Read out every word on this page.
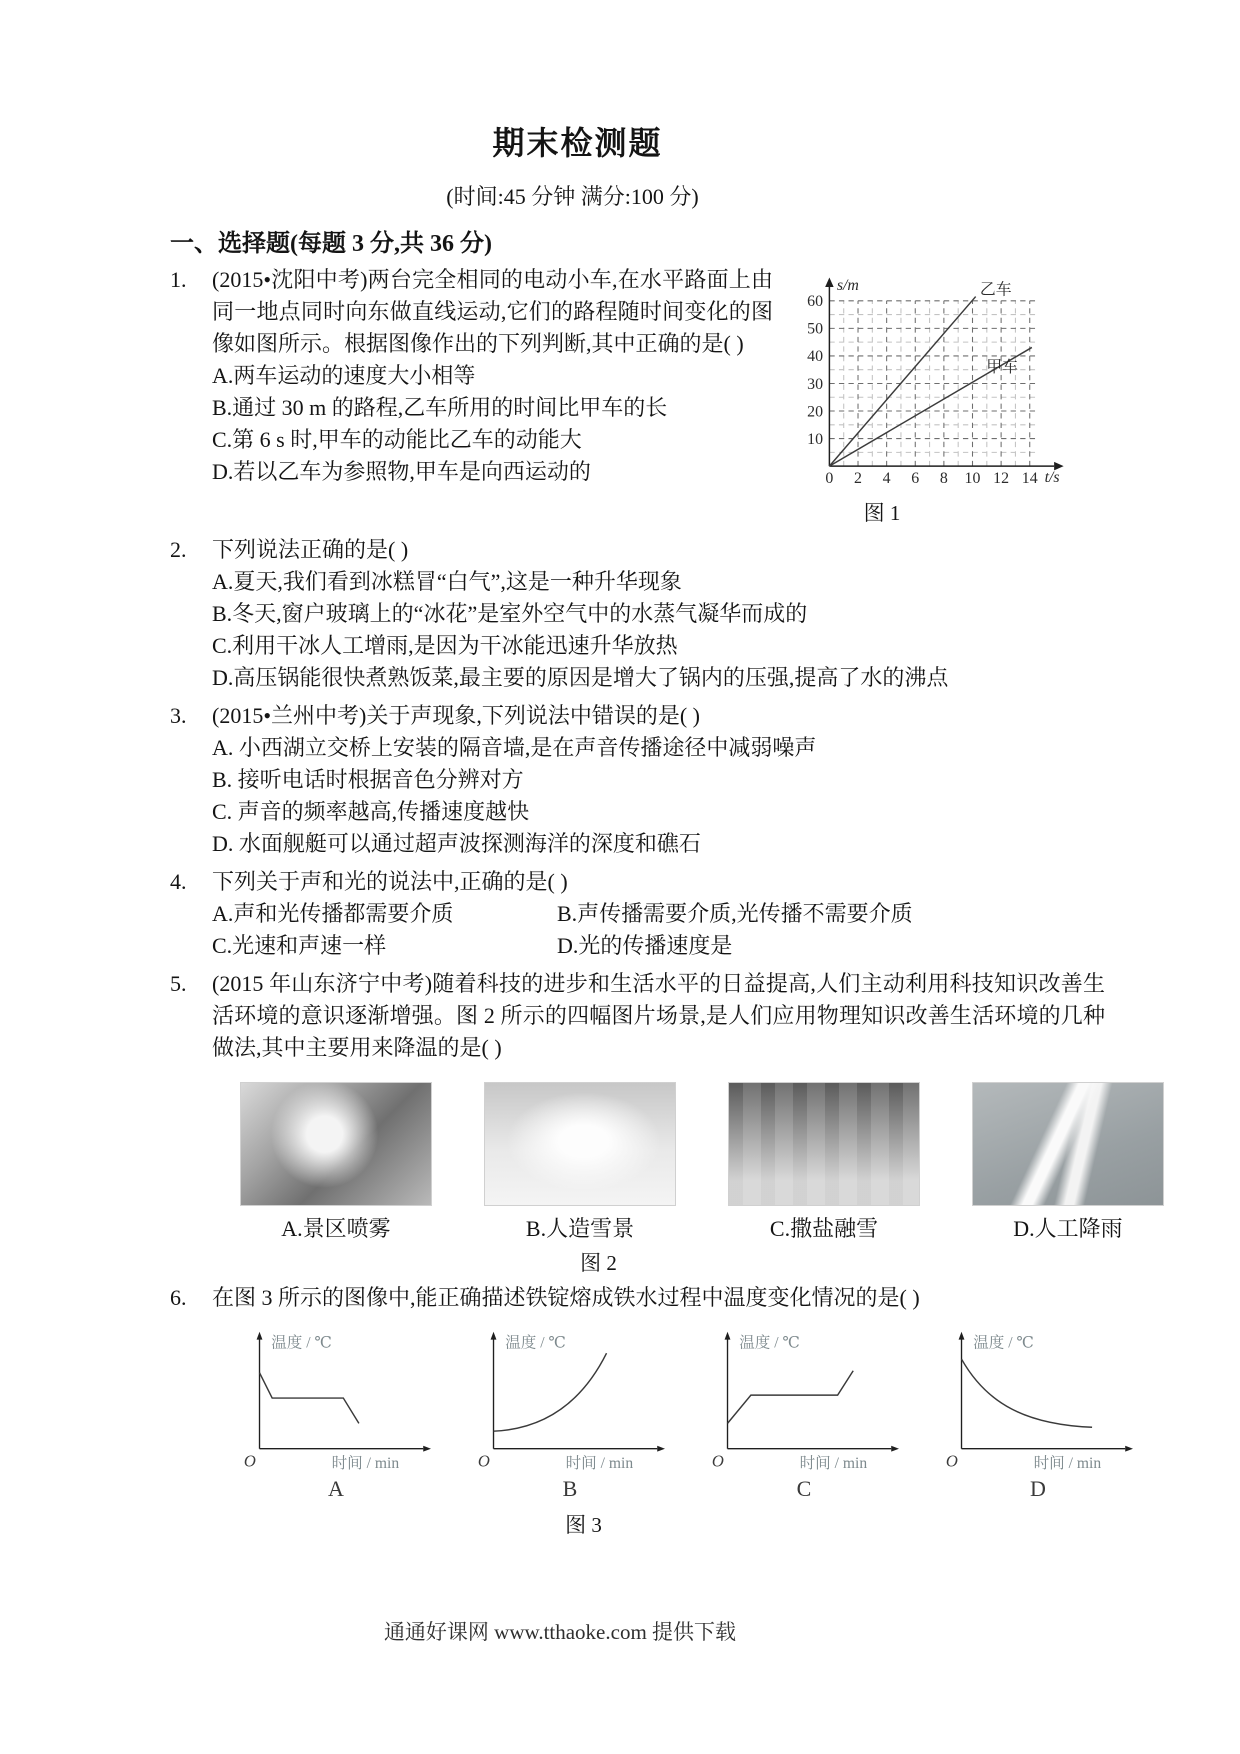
期末检测题
(时间:45 分钟 满分:100 分)
一、选择题(每题 3 分,共 36 分)
1.	s/m
t/s
乙车
甲车
10
20
30
40
50
60
0 2 4 6 8 10 12 14
图 1
(2015•沈阳中考)两台完全相同的电动小车,在水平路面上由同一地点同时向东做直线运动,它们的路程随时间变化的图像如图所示。根据图像作出的下列判断,其中正确的是( )
A.两车运动的速度大小相等
B.通过 30 m 的路程,乙车所用的时间比甲车的长
C.第 6 s 时,甲车的动能比乙车的动能大
D.若以乙车为参照物,甲车是向西运动的
2.	下列说法正确的是( )
A.夏天,我们看到冰糕冒“白气”,这是一种升华现象
B.冬天,窗户玻璃上的“冰花”是室外空气中的水蒸气凝华而成的
C.利用干冰人工增雨,是因为干冰能迅速升华放热
D.高压锅能很快煮熟饭菜,最主要的原因是增大了锅内的压强,提高了水的沸点
3.	(2015•兰州中考)关于声现象,下列说法中错误的是( )
A. 小西湖立交桥上安装的隔音墙,是在声音传播途径中减弱噪声
B. 接听电话时根据音色分辨对方
C. 声音的频率越高,传播速度越快
D. 水面舰艇可以通过超声波探测海洋的深度和礁石
4.	下列关于声和光的说法中,正确的是( )
A.声和光传播都需要介质	B.声传播需要介质,光传播不需要介质
C.光速和声速一样	D.光的传播速度是
5.	(2015 年山东济宁中考)随着科技的进步和生活水平的日益提高,人们主动利用科技知识改善生活环境的意识逐渐增强。图 2 所示的四幅图片场景,是人们应用物理知识改善生活环境的几种做法,其中主要用来降温的是( )
A.景区喷雾	B.人造雪景	C.撒盐融雪	D.人工降雨
图 2
6.	在图 3 所示的图像中,能正确描述铁锭熔成铁水过程中温度变化情况的是( )
温度 / ℃
时间 / min
O
A
温度 / ℃
时间 / min
O
B
温度 / ℃
时间 / min
O
C
温度 / ℃
时间 / min
O
D
图 3
通通好课网 www.tthaoke.com 提供下载
